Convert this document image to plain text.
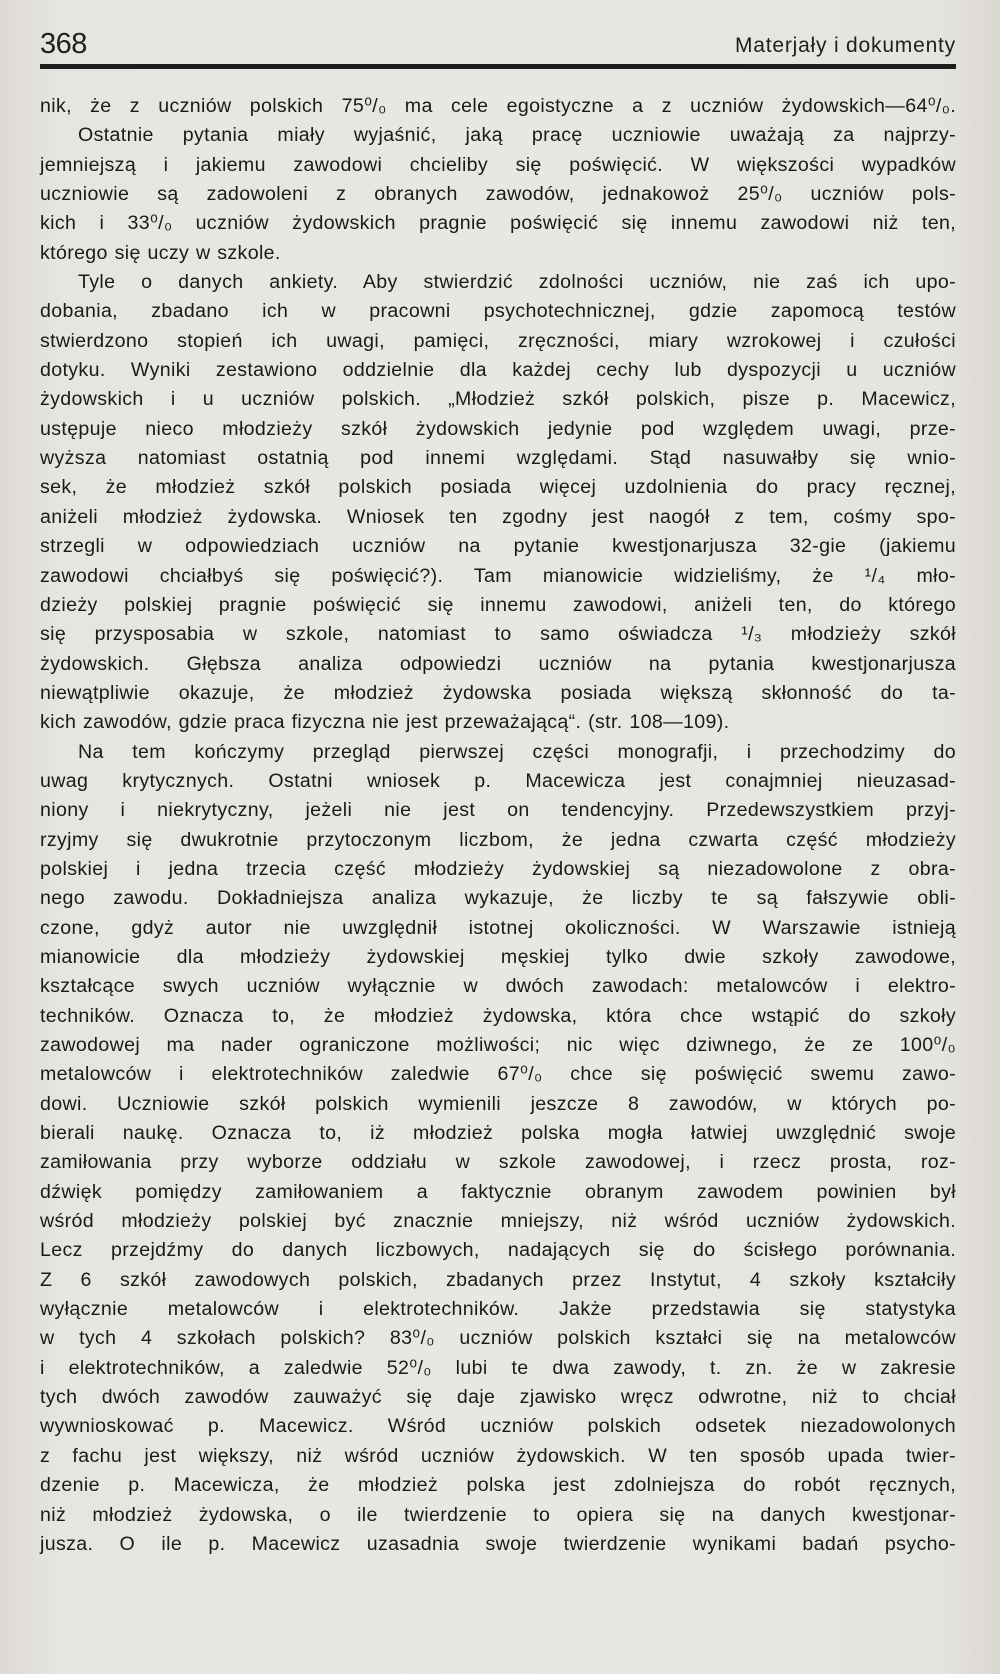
368	Materjały i dokumenty
nik, że z uczniów polskich 75⁰/₀ ma cele egoistyczne a z uczniów żydowskich—64⁰/₀.
Ostatnie pytania miały wyjaśnić, jaką pracę uczniowie uważają za najprzy-
jemniejszą i jakiemu zawodowi chcieliby się poświęcić. W większości wypadków
uczniowie są zadowoleni z obranych zawodów, jednakowoż 25⁰/₀ uczniów pols-
kich i 33⁰/₀ uczniów żydowskich pragnie poświęcić się innemu zawodowi niż ten,
którego się uczy w szkole.
Tyle o danych ankiety. Aby stwierdzić zdolności uczniów, nie zaś ich upo-
dobania, zbadano ich w pracowni psychotechnicznej, gdzie zapomocą testów
stwierdzono stopień ich uwagi, pamięci, zręczności, miary wzrokowej i czułości
dotyku. Wyniki zestawiono oddzielnie dla każdej cechy lub dyspozycji u uczniów
żydowskich i u uczniów polskich. „Młodzież szkół polskich, pisze p. Macewicz,
ustępuje nieco młodzieży szkół żydowskich jedynie pod względem uwagi, prze-
wyższa natomiast ostatnią pod innemi względami. Stąd nasuwałby się wnio-
sek, że młodzież szkół polskich posiada więcej uzdolnienia do pracy ręcznej,
aniżeli młodzież żydowska. Wniosek ten zgodny jest naogół z tem, cośmy spo-
strzegli w odpowiedziach uczniów na pytanie kwestjonarjusza 32-gie (jakiemu
zawodowi chciałbyś się poświęcić?). Tam mianowicie widzieliśmy, że ¹/₄ mło-
dzieży polskiej pragnie poświęcić się innemu zawodowi, aniżeli ten, do którego
się przysposabia w szkole, natomiast to samo oświadcza ¹/₃ młodzieży szkół
żydowskich. Głębsza analiza odpowiedzi uczniów na pytania kwestjonarjusza
niewątpliwie okazuje, że młodzież żydowska posiada większą skłonność do ta-
kich zawodów, gdzie praca fizyczna nie jest przeważającą“. (str. 108—109).
Na tem kończymy przegląd pierwszej części monografji, i przechodzimy do
uwag krytycznych. Ostatni wniosek p. Macewicza jest conajmniej nieuzasad-
niony i niekrytyczny, jeżeli nie jest on tendencyjny. Przedewszystkiem przyj-
rzyjmy się dwukrotnie przytoczonym liczbom, że jedna czwarta część młodzieży
polskiej i jedna trzecia część młodzieży żydowskiej są niezadowolone z obra-
nego zawodu. Dokładniejsza analiza wykazuje, że liczby te są fałszywie obli-
czone, gdyż autor nie uwzględnił istotnej okoliczności. W Warszawie istnieją
mianowicie dla młodzieży żydowskiej męskiej tylko dwie szkoły zawodowe,
kształcące swych uczniów wyłącznie w dwóch zawodach: metalowców i elektro-
techników. Oznacza to, że młodzież żydowska, która chce wstąpić do szkoły
zawodowej ma nader ograniczone możliwości; nic więc dziwnego, że ze 100⁰/₀
metalowców i elektrotechników zaledwie 67⁰/₀ chce się poświęcić swemu zawo-
dowi. Uczniowie szkół polskich wymienili jeszcze 8 zawodów, w których po-
bierali naukę. Oznacza to, iż młodzież polska mogła łatwiej uwzględnić swoje
zamiłowania przy wyborze oddziału w szkole zawodowej, i rzecz prosta, roz-
dźwięk pomiędzy zamiłowaniem a faktycznie obranym zawodem powinien był
wśród młodzieży polskiej być znacznie mniejszy, niż wśród uczniów żydowskich.
Lecz przejdźmy do danych liczbowych, nadających się do ścisłego porównania.
Z 6 szkół zawodowych polskich, zbadanych przez Instytut, 4 szkoły kształciły
wyłącznie metalowców i elektrotechników. Jakże przedstawia się statystyka
w tych 4 szkołach polskich? 83⁰/₀ uczniów polskich kształci się na metalowców
i elektrotechników, a zaledwie 52⁰/₀ lubi te dwa zawody, t. zn. że w zakresie
tych dwóch zawodów zauważyć się daje zjawisko wręcz odwrotne, niż to chciał
wywnioskować p. Macewicz. Wśród uczniów polskich odsetek niezadowolonych
z fachu jest większy, niż wśród uczniów żydowskich. W ten sposób upada twier-
dzenie p. Macewicza, że młodzież polska jest zdolniejsza do robót ręcznych,
niż młodzież żydowska, o ile twierdzenie to opiera się na danych kwestjonar-
jusza. O ile p. Macewicz uzasadnia swoje twierdzenie wynikami badań psycho-
